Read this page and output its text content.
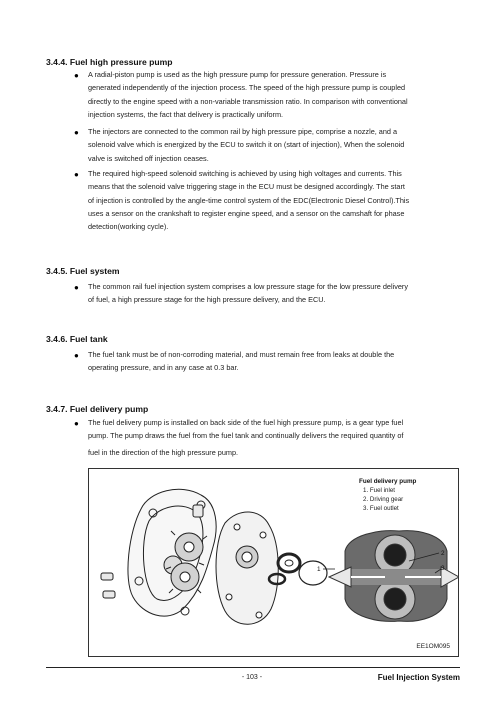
3.4.4. Fuel high pressure pump
● A radial-piston pump is used as the high pressure pump for pressure generation. Pressure is
generated independently of the injection process. The speed of the high pressure pump is coupled
directly to the engine speed with a non-variable transmission ratio. In comparison with conventional
injection systems, the fact that delivery is practically uniform.
● The injectors are connected to the common rail by high pressure pipe, comprise a nozzle, and a
solenoid valve which is energized by the ECU to switch it on (start of injection), When the solenoid
valve is switched off injection ceases.
● The required high-speed solenoid switching is achieved by using high voltages and currents. This
means that the solenoid valve triggering stage in the ECU must be designed accordingly. The start
of injection is controlled by the angle-time control system of the EDC(Electronic Diesel Control).This
uses a sensor on the crankshaft to register engine speed, and a sensor on the camshaft for phase
detection(working cycle).
3.4.5. Fuel system
● The common rail fuel injection system comprises a low pressure stage for the low pressure delivery
of fuel, a high pressure stage for the high pressure delivery, and the ECU.
3.4.6. Fuel tank
● The fuel tank must be of non-corroding material, and must remain free from leaks at double the
operating pressure, and in any case at 0.3 bar.
3.4.7. Fuel delivery pump
● The fuel delivery pump is installed on back side of the fuel high pressure pump, is a gear type fuel
pump. The pump draws the fuel from the fuel tank and continually delivers the required quantity of
fuel in the direction of the high pressure pump.
Fuel delivery pump
1. Fuel inlet
2. Driving gear
3. Fuel outlet
1
2
3
EE1OM095
- 103 -	Fuel Injection System
